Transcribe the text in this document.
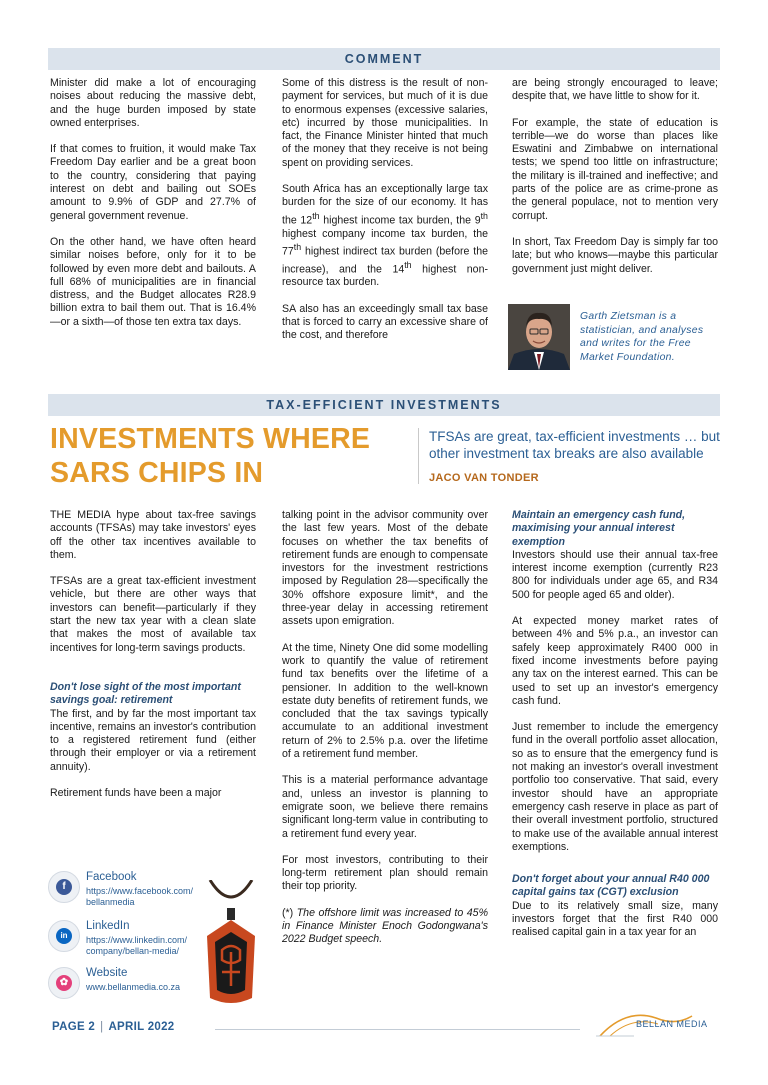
COMMENT

Minister did make a lot of encouraging noises about reducing the massive debt, and the huge burden imposed by state owned enterprises.

If that comes to fruition, it would make Tax Freedom Day earlier and be a great boon to the country, considering that paying interest on debt and bailing out SOEs amount to 9.9% of GDP and 27.7% of general government revenue.

On the other hand, we have often heard similar noises before, only for it to be followed by even more debt and bailouts. A full 68% of municipalities are in financial distress, and the Budget allocates R28.9 billion extra to bail them out. That is 16.4%—or a sixth—of those ten extra tax days.

Some of this distress is the result of non-payment for services, but much of it is due to enormous expenses (excessive salaries, etc) incurred by those municipalities. In fact, the Finance Minister hinted that much of the money that they receive is not being spent on providing services.

South Africa has an exceptionally large tax burden for the size of our economy. It has the 12th highest income tax burden, the 9th highest company income tax burden, the 77th highest indirect tax burden (before the increase), and the 14th highest non-resource tax burden.

SA also has an exceedingly small tax base that is forced to carry an excessive share of the cost, and therefore

are being strongly encouraged to leave; despite that, we have little to show for it.

For example, the state of education is terrible—we do worse than places like Eswatini and Zimbabwe on international tests; we spend too little on infrastructure; the military is ill-trained and ineffective; and parts of the police are as crime-prone as the general populace, not to mention very corrupt.

In short, Tax Freedom Day is simply far too late; but who knows—maybe this particular government just might deliver.

Garth Zietsman is a statistician, and analyses and writes for the Free Market Foundation.
TAX-EFFICIENT INVESTMENTS
INVESTMENTS WHERE SARS CHIPS IN
TFSAs are great, tax-efficient investments … but other investment tax breaks are also available
JACO VAN TONDER

THE MEDIA hype about tax-free savings accounts (TFSAs) may take investors' eyes off the other tax incentives available to them.

TFSAs are a great tax-efficient investment vehicle, but there are other ways that investors can benefit—particularly if they start the new tax year with a clean slate that makes the most of available tax incentives for long-term savings products.

Don't lose sight of the most important savings goal: retirement

The first, and by far the most important tax incentive, remains an investor's contribution to a registered retirement fund (either through their employer or via a retirement annuity).

Retirement funds have been a major

talking point in the advisor community over the last few years. Most of the debate focuses on whether the tax benefits of retirement funds are enough to compensate investors for the investment restrictions imposed by Regulation 28—specifically the 30% offshore exposure limit*, and the three-year delay in accessing retirement assets upon emigration.

At the time, Ninety One did some modelling work to quantify the value of retirement fund tax benefits over the lifetime of a pensioner. In addition to the well-known estate duty benefits of retirement funds, we concluded that the tax savings typically accumulate to an additional investment return of 2% to 2.5% p.a. over the lifetime of a retirement fund member.

This is a material performance advantage and, unless an investor is planning to emigrate soon, we believe there remains significant long-term value in contributing to a retirement fund every year.

For most investors, contributing to their long-term retirement plan should remain their top priority.

(*) The offshore limit was increased to 45% in Finance Minister Enoch Godongwana's 2022 Budget speech.

Maintain an emergency cash fund, maximising your annual interest exemption

Investors should use their annual tax-free interest income exemption (currently R23 800 for individuals under age 65, and R34 500 for people aged 65 and older).

At expected money market rates of between 4% and 5% p.a., an investor can safely keep approximately R400 000 in fixed income investments before paying any tax on the interest earned. This can be used to set up an investor's emergency cash fund.

Just remember to include the emergency fund in the overall portfolio asset allocation, so as to ensure that the emergency fund is not making an investor's overall investment portfolio too conservative. That said, every investor should have an appropriate emergency cash reserve in place as part of their overall investment portfolio, structured to make use of the available annual interest exemptions.

Don't forget about your annual R40 000 capital gains tax (CGT) exclusion

Due to its relatively small size, many investors forget that the first R40 000 realised capital gain in a tax year for an

f
Facebook
https://www.facebook.com/
bellanmedia
in
LinkedIn
https://www.linkedin.com/
company/bellan-media/
✿
Website
www.bellanmedia.co.za
PAGE 2 | APRIL 2022	BELLAN MEDIA
